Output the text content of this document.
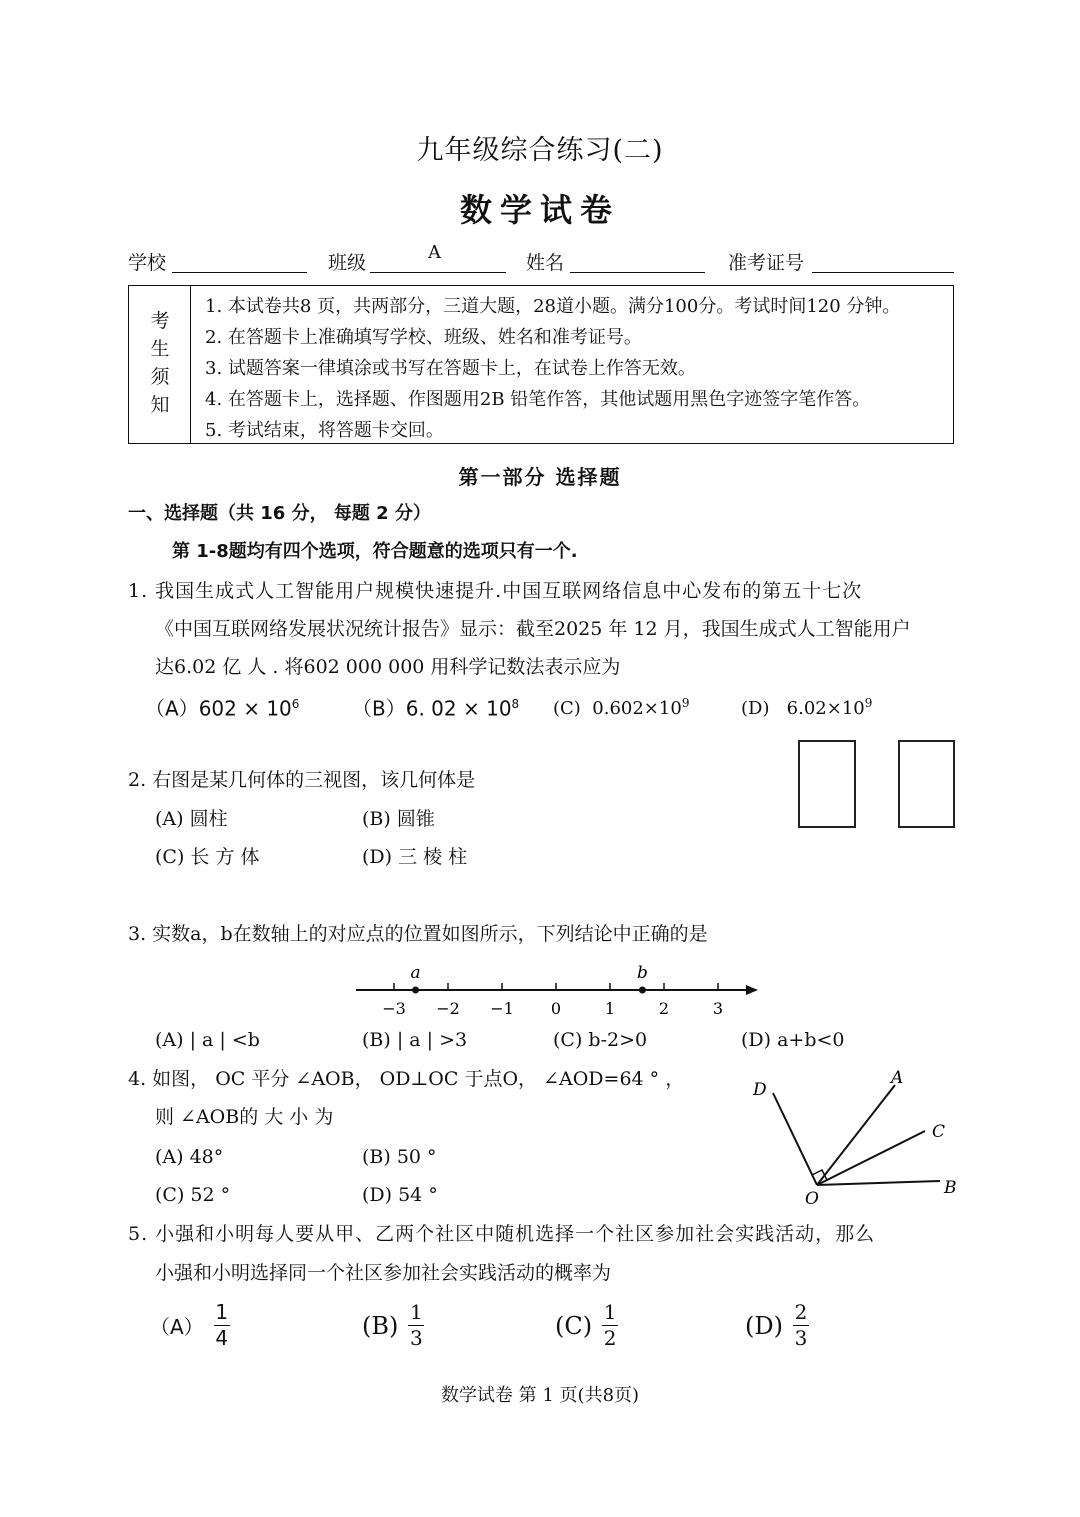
九年级综合练习(二)
数学试卷
学校	班级	A	姓名	准考证号
考
生
须
知
1. 本试卷共8 页，共两部分，三道大题，28道小题。满分100分。考试时间120 分钟。
2. 在答题卡上准确填写学校、班级、姓名和准考证号。
3. 试题答案一律填涂或书写在答题卡上，在试卷上作答无效。
4. 在答题卡上，选择题、作图题用2B 铅笔作答，其他试题用黑色字迹签字笔作答。
5. 考试结束，将答题卡交回。
第一部分 选择题
一、选择题（共 16 分， 每题 2 分）
第 1-8题均有四个选项，符合题意的选项只有一个.
1. 我国生成式人工智能用户规模快速提升.中国互联网络信息中心发布的第五十七次
《中国互联网络发展状况统计报告》显示：截至2025 年 12 月，我国生成式人工智能用户
达6.02 亿 人 . 将602 000 000 用科学记数法表示应为
$(A)602 \times 10^6$	（B）6. $02 \times 10^8$ (C) $0.602\times 10^9$	(D) $6.02\times 10^9$
2. 右图是某几何体的三视图，该几何体是
(A) 圆柱	(B) 圆锥
(C) 长 方 体	(D) 三 棱 柱
3. 实数a，b在数轴上的对应点的位置如图所示，下列结论中正确的是
−3 −2 −1 0	1	2	3
a	b
(A) | a | <b	(B) | a | >3	(C) b-2>0	(D) a+b<0
4. 如图， OC 平分 ∠AOB， OD⊥OC 于点O， ∠AOD=64 ° ，
则 ∠AOB的 大 小 为
(A) 48°	(B) 50 °
(C) 52 °	(D) 54 °
D
A
C
O
B
5. 小强和小明每人要从甲、乙两个社区中随机选择一个社区参加社会实践活动，那么
小强和小明选择同一个社区参加社会实践活动的概率为
$(A) \frac{1}{4}$	$(B) \frac{1}{3}$	$(C) \frac{1}{2}$	$(D) \frac{2}{3}$
数学试卷 第 1 页(共8页)
